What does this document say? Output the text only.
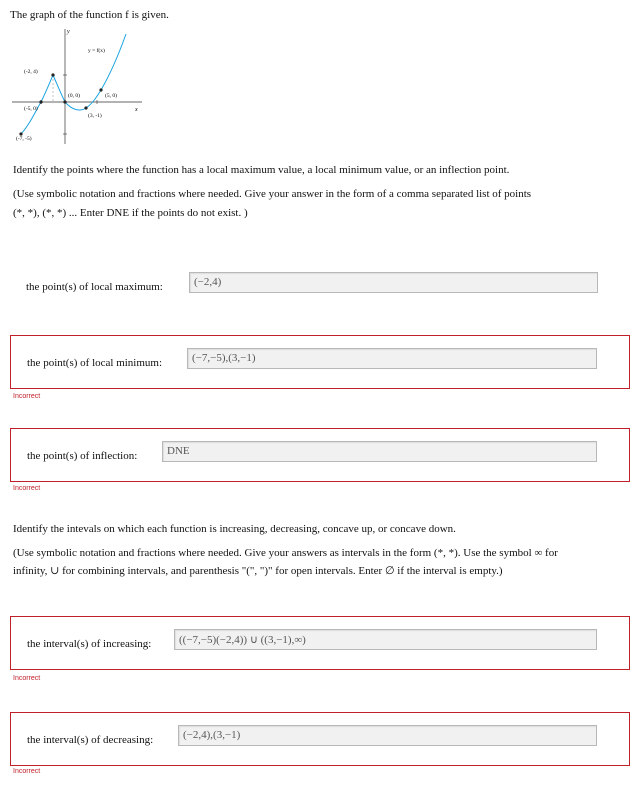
The graph of the function f is given.
y
x
y = f(x)
(-2, 4)
(-5, 0)
(0, 0)	(5, 0)
(3, -1)
(-7, -5)
Identify the points where the function has a local maximum value, a local minimum value, or an inflection point.
(Use symbolic notation and fractions where needed. Give your answer in the form of a comma separated list of points
(*, *), (*, *) ... Enter DNE if the points do not exist. )
the point(s) of local maximum:	(−2,4)
the point(s) of local minimum:	(−7,−5),(3,−1)
Incorrect
the point(s) of inflection:	DNE
Incorrect
Identify the intevals on which each function is increasing, decreasing, concave up, or concave down.
(Use symbolic notation and fractions where needed. Give your answers as intervals in the form (*, *). Use the symbol ∞ for
infinity, ∪ for combining intervals, and parenthesis "(", ")" for open intervals. Enter ∅ if the interval is empty.)
the interval(s) of increasing:	((−7,−5)(−2,4)) ∪ ((3,−1),∞)
Incorrect
the interval(s) of decreasing:	(−2,4),(3,−1)
Incorrect
